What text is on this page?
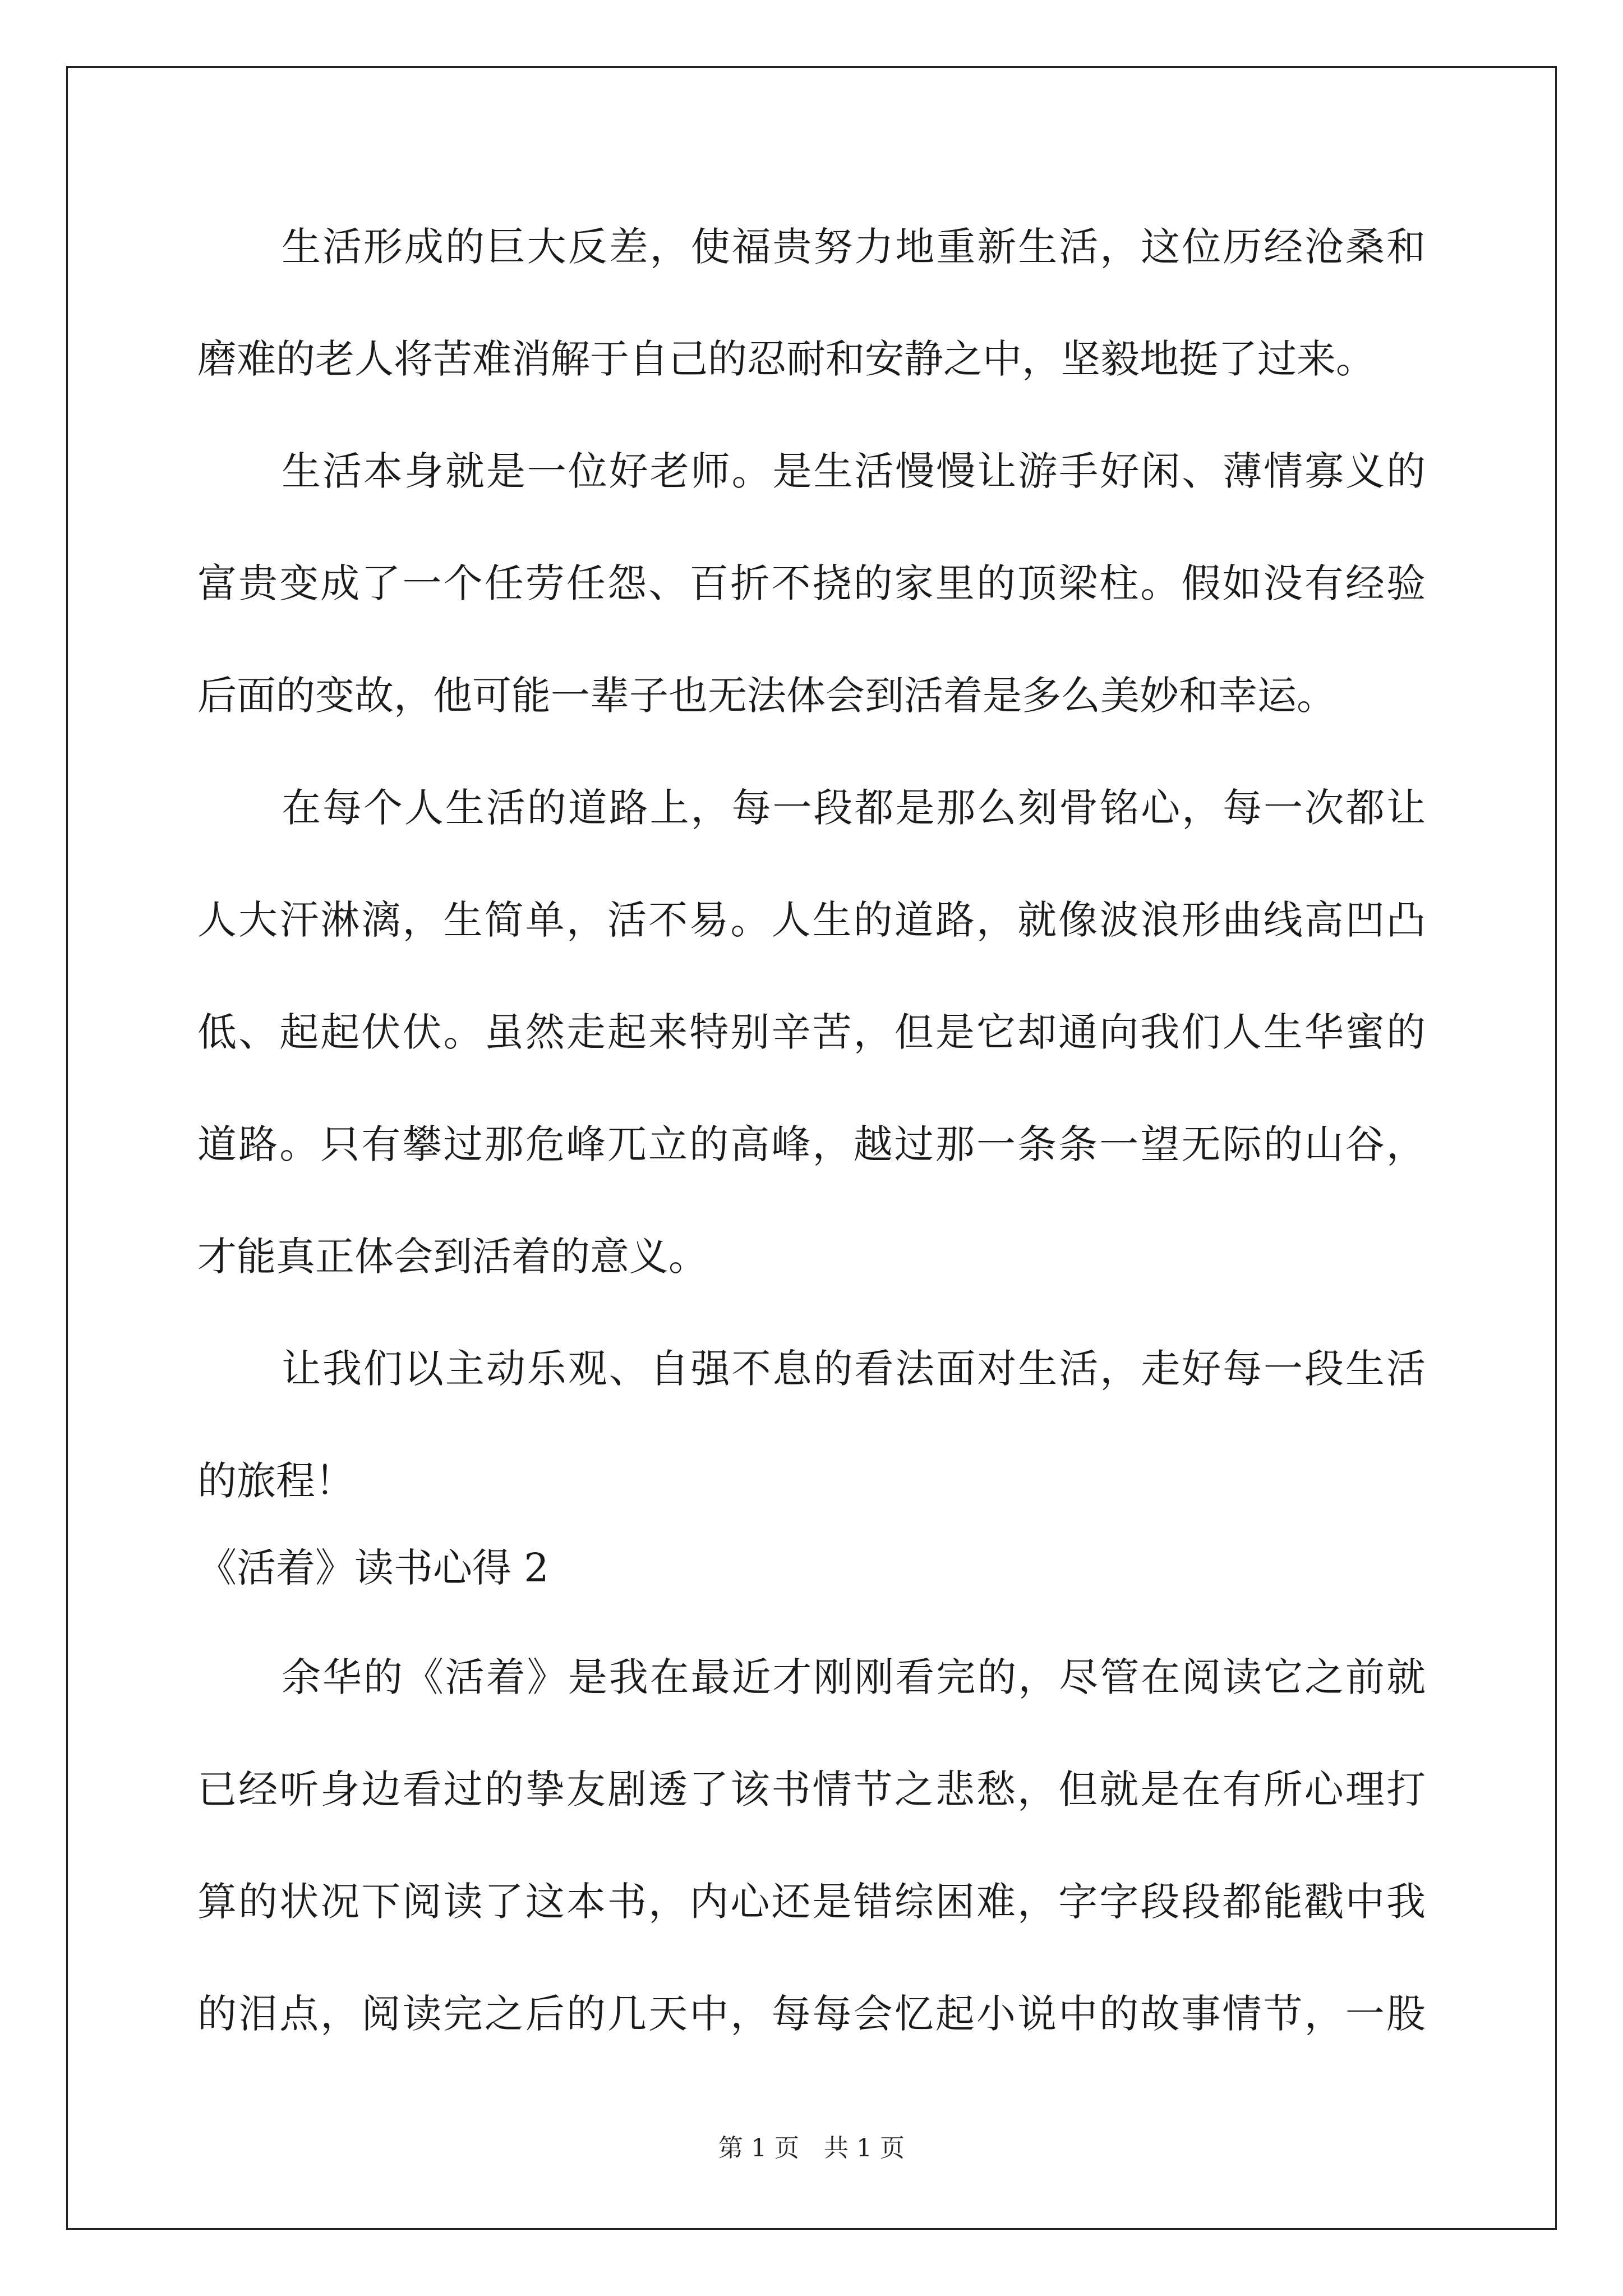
生活形成的巨大反差，使福贵努力地重新生活，这位历经沧桑和
磨难的老人将苦难消解于自己的忍耐和安静之中，坚毅地挺了过来。
生活本身就是一位好老师。是生活慢慢让游手好闲、薄情寡义的
富贵变成了一个任劳任怨、百折不挠的家里的顶梁柱。假如没有经验
后面的变故，他可能一辈子也无法体会到活着是多么美妙和幸运。
在每个人生活的道路上，每一段都是那么刻骨铭心，每一次都让
人大汗淋漓，生简单，活不易。人生的道路，就像波浪形曲线高凹凸
低、起起伏伏。虽然走起来特别辛苦，但是它却通向我们人生华蜜的
道路。只有攀过那危峰兀立的高峰，越过那一条条一望无际的山谷，
才能真正体会到活着的意义。
让我们以主动乐观、自强不息的看法面对生活，走好每一段生活
的旅程！
《活着》读书心得 2
余华的《活着》是我在最近才刚刚看完的，尽管在阅读它之前就
已经听身边看过的挚友剧透了该书情节之悲愁，但就是在有所心理打
算的状况下阅读了这本书，内心还是错综困难，字字段段都能戳中我
的泪点，阅读完之后的几天中，每每会忆起小说中的故事情节，一股
第 1 页　共 1 页
